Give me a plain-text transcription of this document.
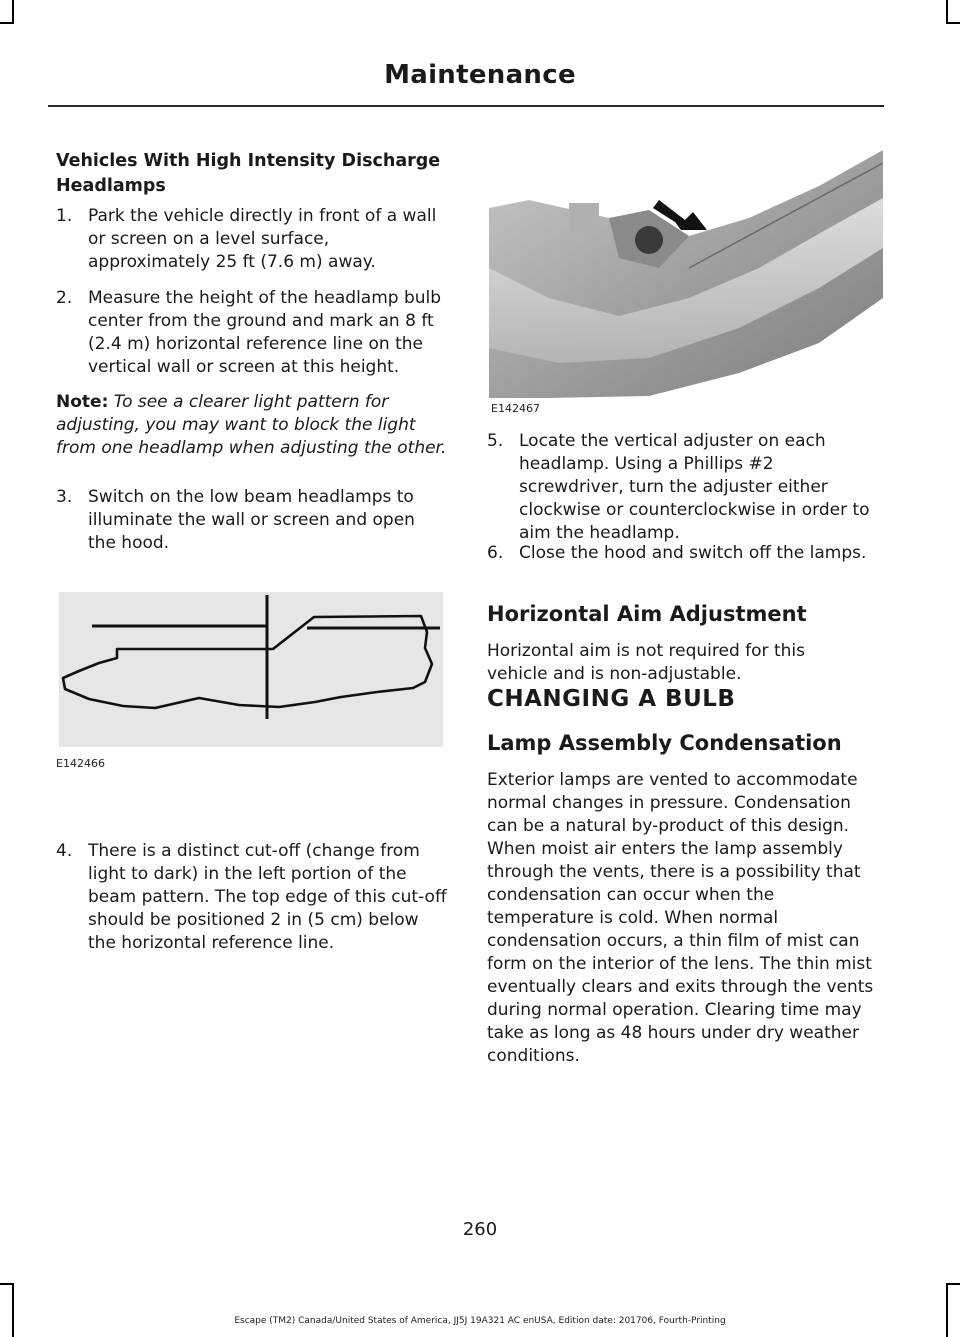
Maintenance
Vehicles With High Intensity Discharge Headlamps
1. Park the vehicle directly in front of a wall or screen on a level surface, approximately 25 ft (7.6 m) away.
2. Measure the height of the headlamp bulb center from the ground and mark an 8 ft (2.4 m) horizontal reference line on the vertical wall or screen at this height.
Note: To see a clearer light pattern for adjusting, you may want to block the light from one headlamp when adjusting the other.
3. Switch on the low beam headlamps to illuminate the wall or screen and open the hood.
E142466
4. There is a distinct cut-off (change from light to dark) in the left portion of the beam pattern. The top edge of this cut-off should be positioned 2 in (5 cm) below the horizontal reference line.
E142467
5. Locate the vertical adjuster on each headlamp. Using a Phillips #2 screwdriver, turn the adjuster either clockwise or counterclockwise in order to aim the headlamp.
6. Close the hood and switch off the lamps.
Horizontal Aim Adjustment
Horizontal aim is not required for this vehicle and is non-adjustable.
CHANGING A BULB
Lamp Assembly Condensation
Exterior lamps are vented to accommodate normal changes in pressure. Condensation can be a natural by-product of this design. When moist air enters the lamp assembly through the vents, there is a possibility that condensation can occur when the temperature is cold. When normal condensation occurs, a thin film of mist can form on the interior of the lens. The thin mist eventually clears and exits through the vents during normal operation. Clearing time may take as long as 48 hours under dry weather conditions.
260
Escape (TM2) Canada/United States of America, JJ5J 19A321 AC enUSA, Edition date: 201706, Fourth-Printing
